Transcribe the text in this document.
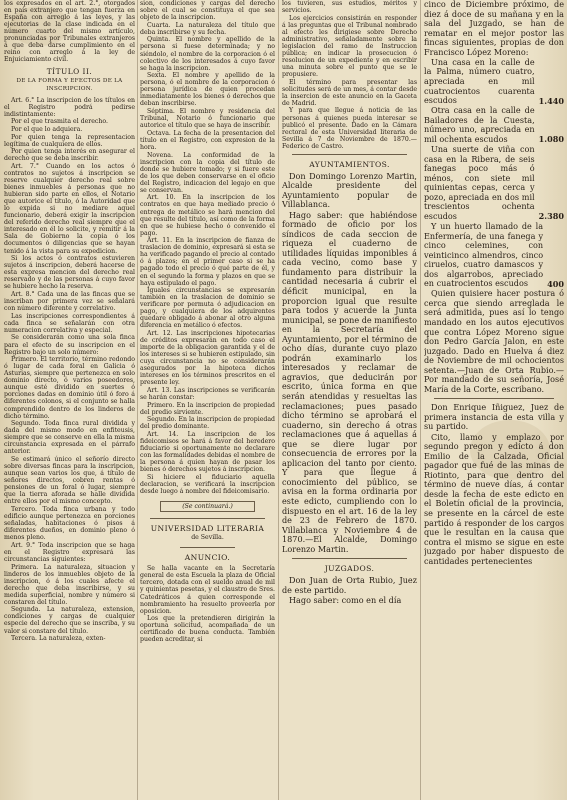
los expresados en el art. 2.°, otorgados en país extranjero que tengan fuerza en España con arreglo á las leyes, y las ejecutorias de la clase indicada en el número cuarto del mismo artículo, pronunciadas por Tribunales extranjeros á que deba darse cumplimiento en el reino con arreglo á la ley de Enjuiciamiento civil.

TÍTULO II.

DE LA FORMA Y EFECTOS DE LA INSCRIPCION.

Art. 6.° La inscripcion de los títulos en el Registro podrá pedirse indistintamente:

Por el que trasmita el derecho.

Por el que lo adquiera.

Por quien tenga la representacion legítima de cualquiera de ellos.

Por quien tenga interés en asegurar el derecho que se deba inscribir.

Art. 7.° Cuando en los actos ó contratos no sujetos á inscripcion se reserve cualquier derecho real sobre bienes inmuebles á personas que no hubieran sido parte en ellos, el Notario que autorice el título, ó la Autoridad que lo expida si no mediare aquel funcionario, deberá exigir la inscripcion del referido derecho real siempre que el interesado en él lo solicite, y remitir á la Sala de Gobierno la copia ó los documentos ó diligencias que se hayan tenido á la vista para su expedicion.

Si los actos ó contratos estuvieren sujetos á inscripcion, deberá hacerse de esta expresa mencion del derecho real reservado y de las personas á cuyo favor se hubiere hecho la reserva.

Art. 8.° Cada una de las fincas que se inscriban por primera vez se señalará con número diferente y correlativo.

Las inscripciones correspondientes á cada finca se señalarán con otra numeracion correlativa y especial.

Se considerarán como una sola finca para el efecto de su inscripcion en el Registro bajo un solo número:

Primero. El territorio, término redondo ó lugar de cada foral en Galicia ó Asturias, siempre que pertenezca en solo dominio directo, ó varios poseedores, aunque esté dividido en suertes ó porciones dadas en dominio útil ó foro á diferentes colonos, si el conjunto se halla comprendido dentro de los linderos de dicho término.

Segundo. Toda finca rural dividida y dada del mismo modo en enfiteusis, siempre que se conserve en ella la misma circunstancia expresada en el párrafo anterior.

Se estimará único el señorío directo sobre diversas fincas para la inscripcion, aunque sean varios los que, á título de señores directos, cobren rentas ó pensiones de un foral ó lugar, siempre que la tierra aforada se halle dividida entre ellos por el mismo concepto.

Tercero. Toda finca urbana y todo edificio aunque pertenezca en porciones señaladas, habitaciones ó pisos á diferentes dueños, en dominio pleno ó menos pleno.

Art. 9.° Toda inscripcion que se haga en el Registro expresará las circunstancias siguientes:

Primera. La naturaleza, situacion y linderos de los inmuebles objeto de la inscripcion, ó á los cuales afecte el derecho que deba inscribirse, y su medida superficial, nombre y número si constaren del título.

Segunda. La naturaleza, extension, condiciones y cargas de cualquier especie del derecho que se inscriba, y su valor si constare del título.

Tercera. La naturaleza, exten-

sion, condiciones y cargas del derecho sobre el cual se constituya el que sea objeto de la inscripcion.

Cuarta. La naturaleza del título que deba inscribirse y su fecha.

Quinta. El nombre y apellido de la persona si fuese determinada; y no siéndolo, el nombre de la corporacion ó el colectivo de los interesados á cuyo favor se haga la inscripcion.

Sexta. El nombre y apellido de la persona, ó el nombre de la corporacion ó persona jurídica de quien procedan inmediatamente los bienes ó derechos que deban inscribirse.

Séptima. El nombre y residencia del Tribunal, Notario ó funcionario que autorice el título que se haya de inscribir.

Octava. La fecha de la presentacion del título en el Registro, con expresion de la hora.

Novena. La conformidad de la inscripcion con la copia del título de donde se hubiere tomado; y si fuere este de los que deben conservarse en el oficio del Registro, indicacion del legajo en que se conservan.

Art. 10. En la inscripcion de los contratos en que haya mediado precio ó entrega de metálico se hará mencion del que resulte del título, así como de la forma en que se hubiese hecho ó convenido el pago.

Art. 11. En la inscripcion de fianza de traslacion de dominio, expresará si esta se ha verificado pagando el precio al contado ó á plazos; en el primer caso si se ha pagado todo el precio ó qué parte de él, y en el segundo la forma y plazos en que se haya estipulado el pago.

Iguales circunstancias se expresarán también en la traslacion de dominio se verificare por permuta ó adjudicacion en pago, y cualquiera de los adquirentes quedare obligado á abonar al otro alguna diferencia en metálico ó efectos.

Art. 12. Las inscripciones hipotecarias de créditos expresarán en todo caso el importe de la obligacion garantida y el de los intereses si se hubieren estipulado, sin cuya circunstancia no se considerarán asegurados por la hipoteca dichos intereses en los términos prescritos en el presente ley.

Art. 13. Las inscripciones se verificarán se harán constar:

Primero. En la inscripcion de propiedad del predio sirviente.

Segundo. En la inscripcion de propiedad del predio dominante.

Art. 14. La inscripcion de los fideicomisos se hará á favor del heredero fiduciario si oportunamente no declarare con las formalidades debidas el nombre de la persona á quien hayan de pasar los bienes ó derechos sujetos á inscripcion.

Si hiciere el fiduciario aquella declaracion, se verificará la inscripcion desde luego á nombre del fideicomisario.

(Se continuará.)

UNIVERSIDAD LITERARIA

de Sevilla.

ANUNCIO.

Se halla vacante en la Secretaría general de esta Escuela la plaza de Oficial tercero, dotada con el sueldo anual de mil y quinientas pesetas, y el claustro de Sres. Catedráticos á quien corresponde el nombramiento ha resuelto proveerla por oposicion.

Los que la pretendieren dirigirán la oportuna solicitud, acompañada de un certificado de buena conducta. También pueden acreditar, si

los tuvieren, sus estudios, méritos y servicios.

Los ejercicios consistirán en responder á las preguntas que el Tribunal nombrado al efecto les dirigiese sobre Derecho administrativo, señaladamente sobre la legislacion del ramo de Instruccion pública; en indicar la prosecucion ó resolucion de un expediente y en escribir una minuta sobre el punto que se le propusiere.

El término para presentar las solicitudes será de un mes, á contar desde la insercion de este anuncio en la Gaceta de Madrid.

Y para que llegue á noticia de las personas á quienes pueda interesar se publicó el presente. Dado en la Cámara rectoral de esta Universidad literaria de Sevilla á 7 de Noviembre de 1870.—Federico de Castro.

AYUNTAMIENTOS.

Don Domingo Lorenzo Martin, Alcalde presidente del Ayuntamiento popular de Villablanca.

Hago saber: que habiéndose formado de oficio por los síndicos de cada seccion de riqueza el cuaderno de utilidades líquidas imponibles á cada vecino, como base y fundamento para distribuir la cantidad necesaria á cubrir el déficit municipal, en la proporcion igual que resulte para todos y acuerde la Junta municipal, se pone de manifiesto en la Secretaría del Ayuntamiento, por el término de ocho días, durante cuyo plazo podrán examinarlo los interesados y reclamar de agravios, que deducirán por escrito, única forma en que serán atendidas y resueltas las reclamaciones; pues pasado dicho término se aprobará el cuaderno, sin derecho á otras reclamaciones que á aquellas á que se diere lugar por consecuencia de errores por la aplicacion del tanto por ciento. Y para que llegue á conocimiento del público, se avisa en la forma ordinaria por este edicto, cumpliendo con lo dispuesto en el art. 16 de la ley de 23 de Febrero de 1870. Villablanca y Noviembre 4 de 1870.—El Alcalde, Domingo Lorenzo Martin.

JUZGADOS.

Don Juan de Orta Rubio, Juez de este partido.

Hago saber: como en el día

cinco de Diciembre próximo, de diez á doce de su mañana y en la sala del Juzgado, se han de rematar en el mejor postor las fincas siguientes, propias de don Francisco López Moreno:

Una casa en la calle de la Palma, número cuatro, apreciada en mil cuatrocientos cuarenta escudos	1.440

Otra casa en la calle de Bailadores de la Cuesta, número uno, apreciada en mil ochenta escudos	1.080

Una suerte de viña con casa en la Ribera, de seis fanegas poco más ó ménos, con siete mil quinientas cepas, cerca y pozo, apreciada en dos mil trescientos ochenta escudos	2.380

Y un huerto llamado de la Enfermería, de una fanega y cinco celemines, con veinticinco almendros, cinco ciruelos, cuatro damascos y dos algarrobos, apreciado en cuatrocientos escudos	400

Quien quisiere hacer postura ó cerca que siendo arreglada le será admitida, pues así lo tengo mandado en los autos ejecutivos que contra López Moreno sigue don Pedro García Jalon, en este juzgado. Dado en Huelva á diez de Noviembre de mil ochocientos setenta.—Juan de Orta Rubio.—Por mandado de su señoría, José María de la Corte, escribano.

Don Enrique Iñiguez, Juez de primera instancia de esta villa y su partido.

Cito, llamo y emplazo por segundo pregon y edicto á don Emilio de la Calzada, Oficial pagador que fué de las minas de Riotinto, para que dentro del término de nueve días, á contar desde la fecha de este edicto en el Boletín oficial de la provincia, se presente en la cárcel de este partido á responder de los cargos que le resultan en la causa que contra el mismo se sigue en este juzgado por haber dispuesto de cantidades pertenecientes
